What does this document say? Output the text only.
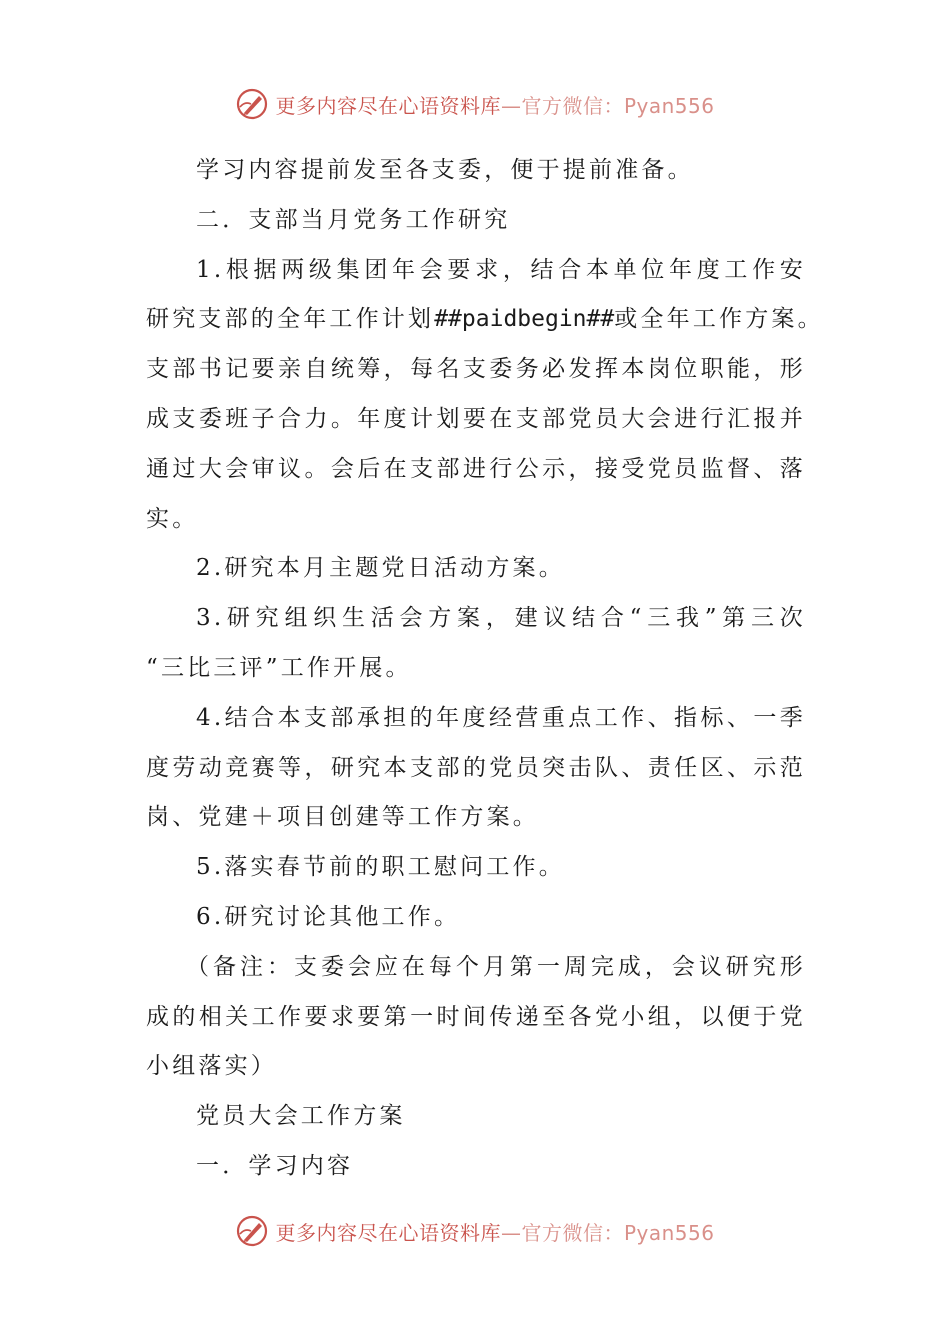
更多内容尽在心语资料库—官方微信：Pyan556
学习内容提前发至各支委，便于提前准备。
二．支部当月党务工作研究
1.根据两级集团年会要求，结合本单位年度工作安
研究支部的全年工作计划##paidbegin##或全年工作方案。
支部书记要亲自统筹，每名支委务必发挥本岗位职能，形
成支委班子合力。年度计划要在支部党员大会进行汇报并
通过大会审议。会后在支部进行公示，接受党员监督、落
实。
2.研究本月主题党日活动方案。
3.研究组织生活会方案，建议结合“三我”第三次
“三比三评”工作开展。
4.结合本支部承担的年度经营重点工作、指标、一季
度劳动竞赛等，研究本支部的党员突击队、责任区、示范
岗、党建＋项目创建等工作方案。
5.落实春节前的职工慰问工作。
6.研究讨论其他工作。
（备注：支委会应在每个月第一周完成，会议研究形
成的相关工作要求要第一时间传递至各党小组，以便于党
小组落实）
党员大会工作方案
一．学习内容
更多内容尽在心语资料库—官方微信：Pyan556
